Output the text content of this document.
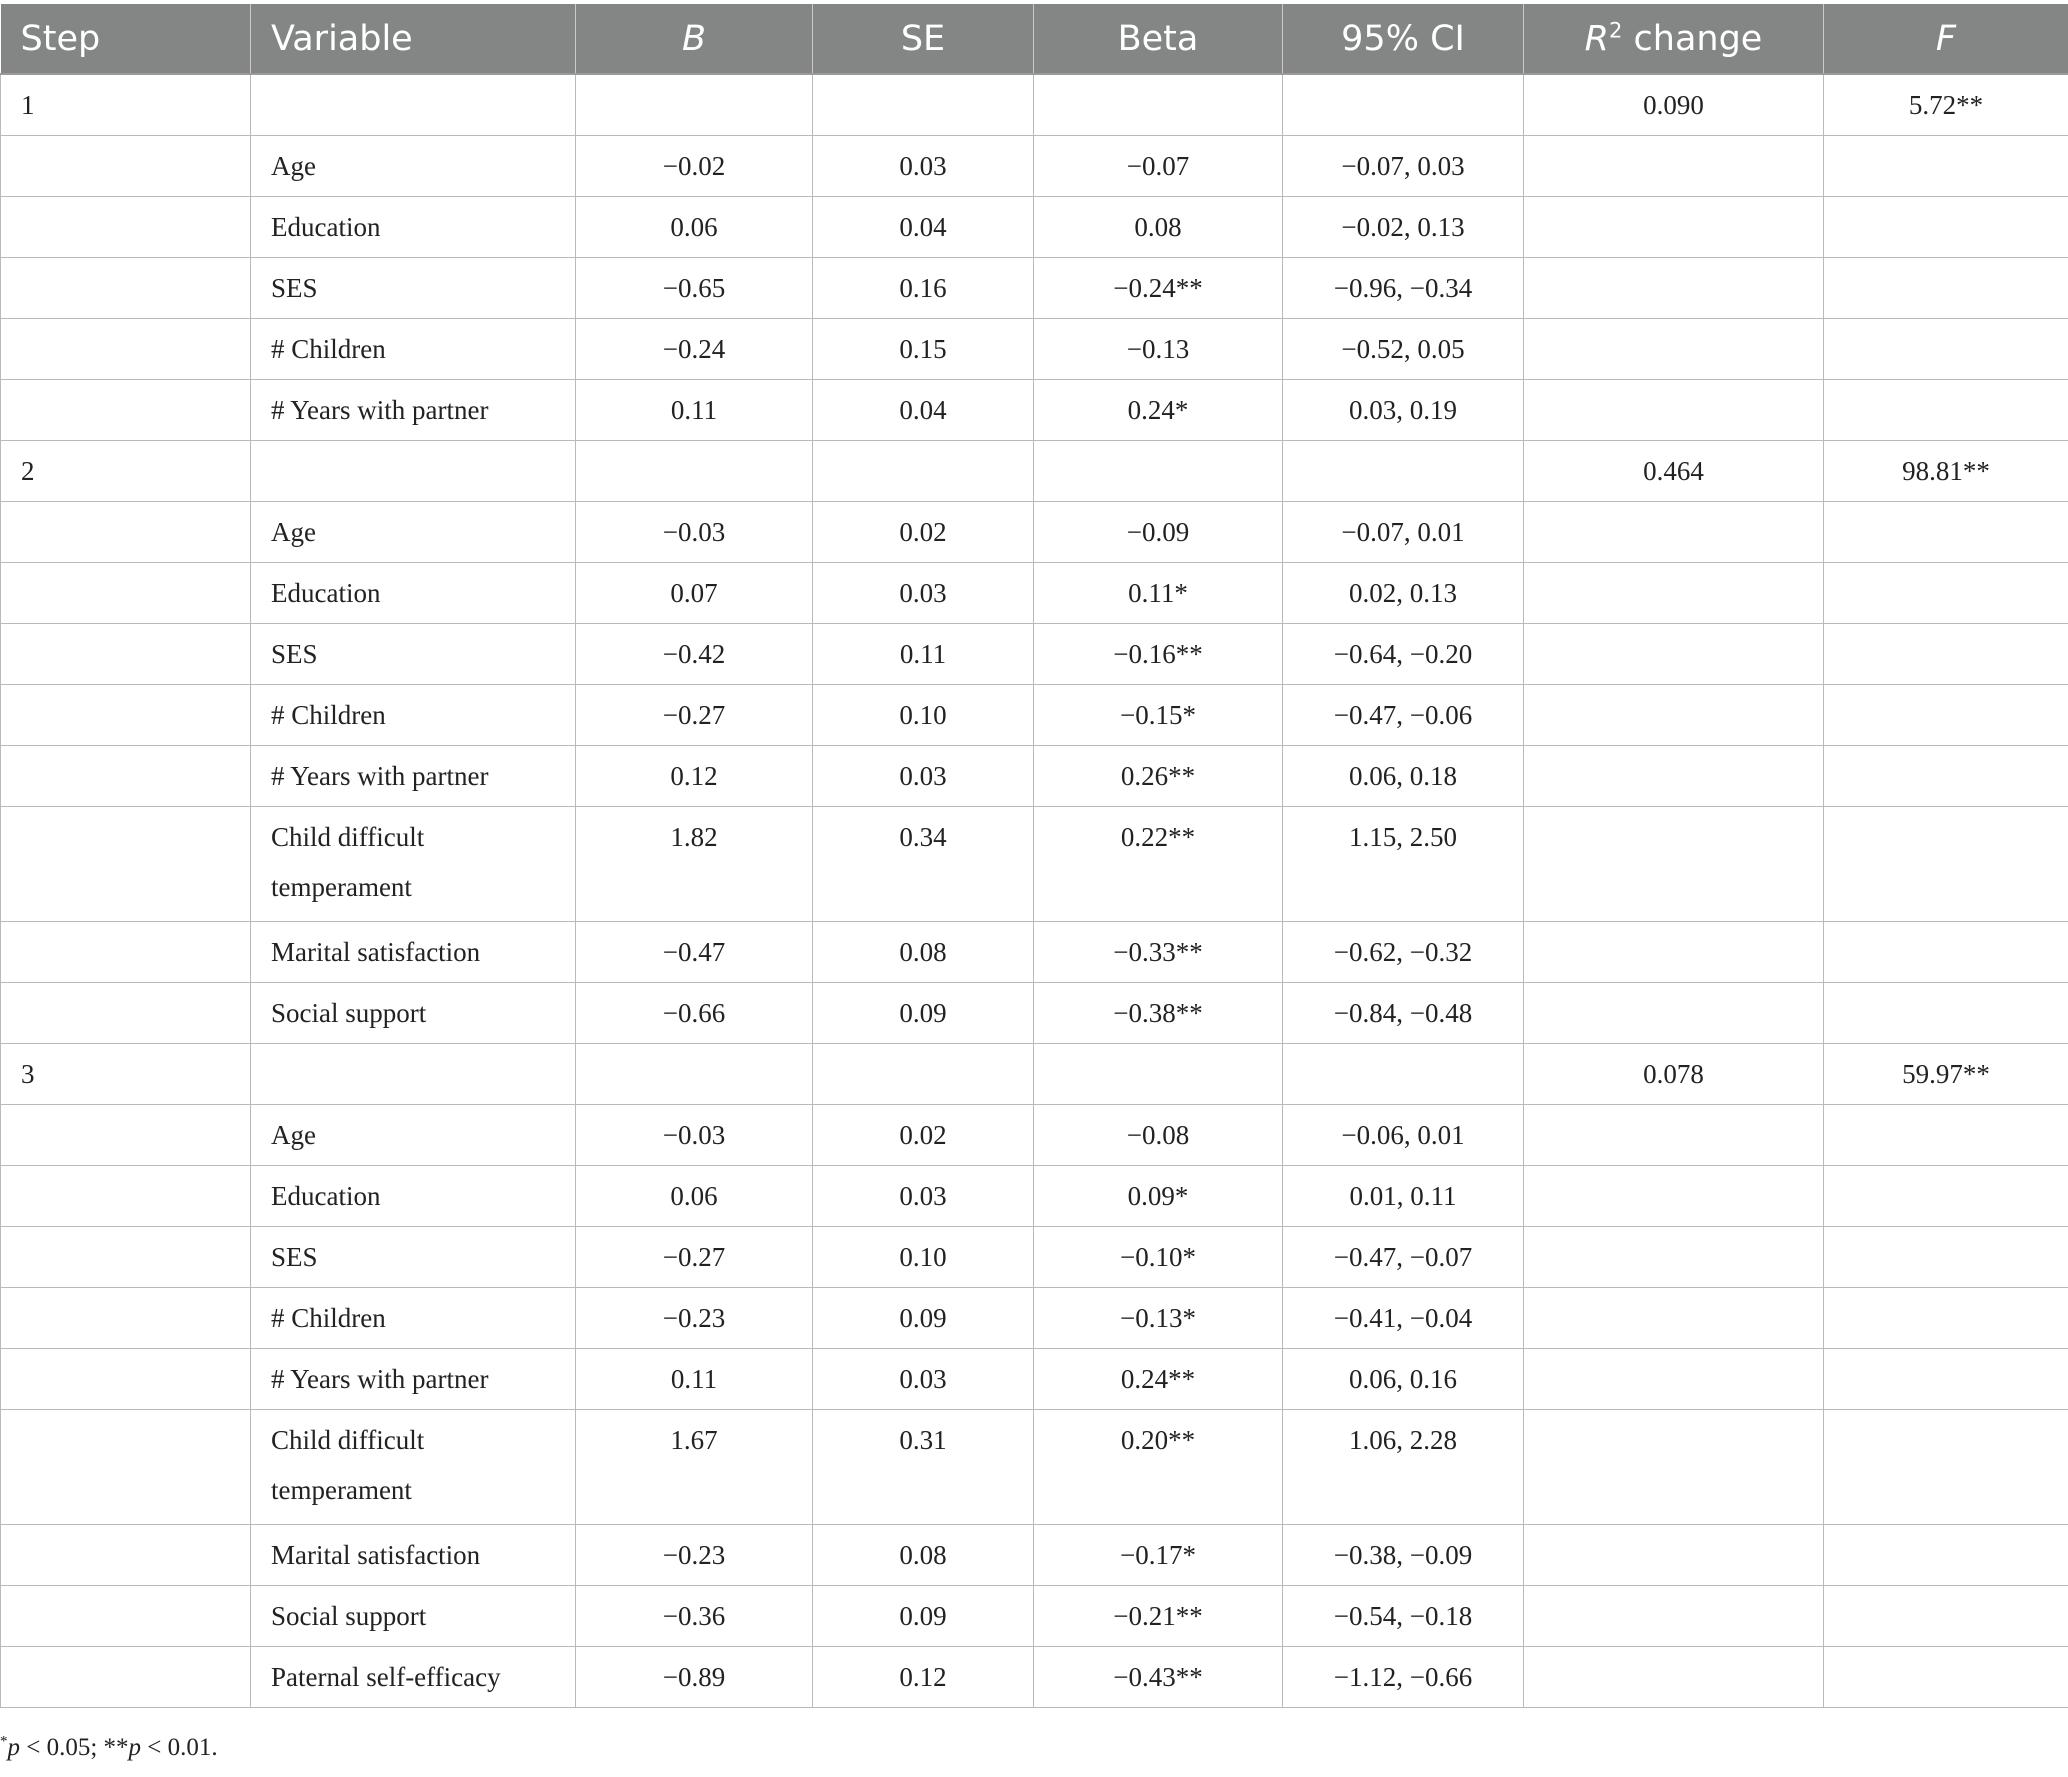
Step	Variable	B	SE	Beta	95% CI	$R^2$ change	F
1						0.090	5.72**
	Age	−0.02	0.03	−0.07	−0.07, 0.03		
	Education	0.06	0.04	0.08	−0.02, 0.13		
	SES	−0.65	0.16	−0.24**	−0.96, −0.34		
	# Children	−0.24	0.15	−0.13	−0.52, 0.05		
	# Years with partner	0.11	0.04	0.24*	0.03, 0.19		
2						0.464	98.81**
	Age	−0.03	0.02	−0.09	−0.07, 0.01		
	Education	0.07	0.03	0.11*	0.02, 0.13		
	SES	−0.42	0.11	−0.16**	−0.64, −0.20		
	# Children	−0.27	0.10	−0.15*	−0.47, −0.06		
	# Years with partner	0.12	0.03	0.26**	0.06, 0.18		
	Child difficult temperament	1.82	0.34	0.22**	1.15, 2.50		
	Marital satisfaction	−0.47	0.08	−0.33**	−0.62, −0.32		
	Social support	−0.66	0.09	−0.38**	−0.84, −0.48		
3						0.078	59.97**
	Age	−0.03	0.02	−0.08	−0.06, 0.01		
	Education	0.06	0.03	0.09*	0.01, 0.11		
	SES	−0.27	0.10	−0.10*	−0.47, −0.07		
	# Children	−0.23	0.09	−0.13*	−0.41, −0.04		
	# Years with partner	0.11	0.03	0.24**	0.06, 0.16		
	Child difficult temperament	1.67	0.31	0.20**	1.06, 2.28		
	Marital satisfaction	−0.23	0.08	−0.17*	−0.38, −0.09		
	Social support	−0.36	0.09	−0.21**	−0.54, −0.18		
	Paternal self-efficacy	−0.89	0.12	−0.43**	−1.12, −0.66		
*p < 0.05; **p < 0.01.
